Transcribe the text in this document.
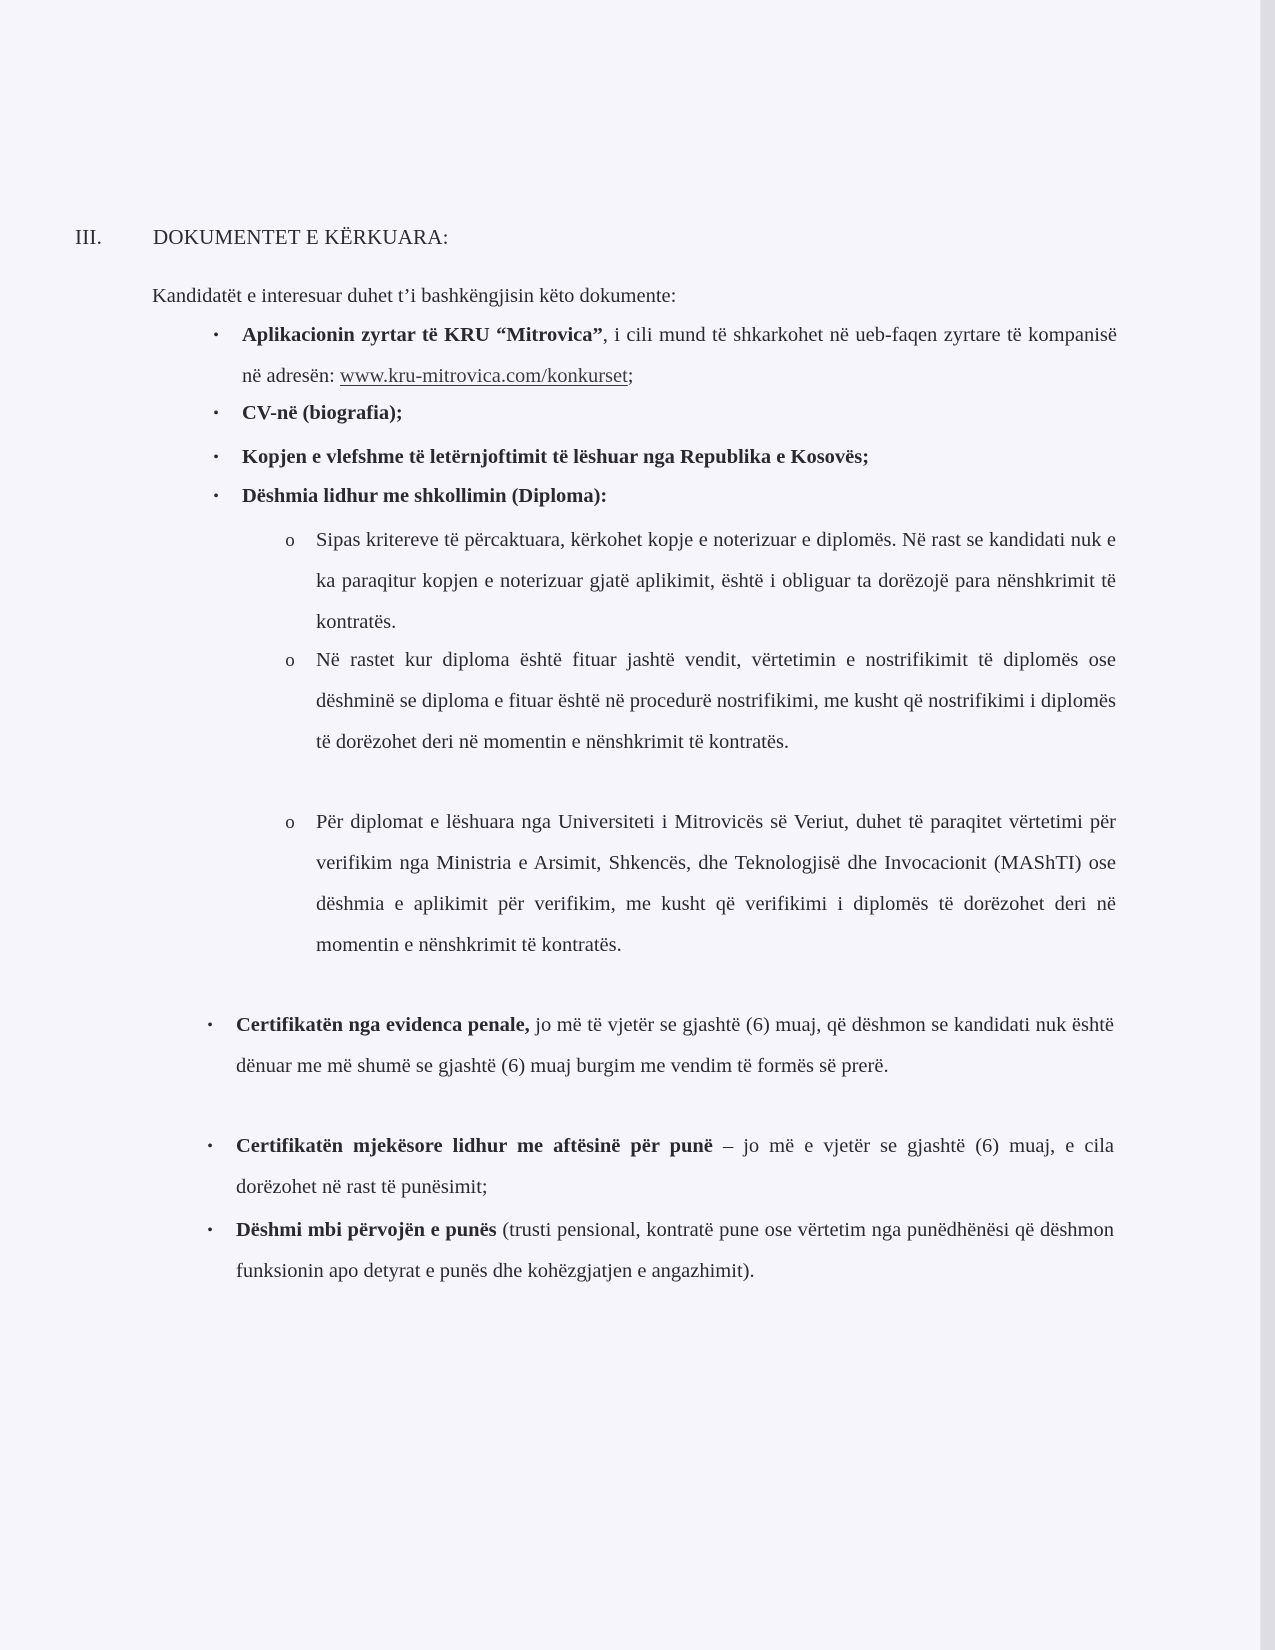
III. DOKUMENTET E KËRKUARA:
Kandidatët e interesuar duhet t’i bashkëngjisin këto dokumente:
•	Aplikacionin zyrtar të KRU “Mitrovica”, i cili mund të shkarkohet në ueb-faqen zyrtare të kompanisë në adresën: www.kru-mitrovica.com/konkurset;
•	CV-në (biografia);
•	Kopjen e vlefshme të letërnjoftimit të lëshuar nga Republika e Kosovës;
•	Dëshmia lidhur me shkollimin (Diploma):
o Sipas kritereve të përcaktuara, kërkohet kopje e noterizuar e diplomës. Në rast se kandidati nuk e ka paraqitur kopjen e noterizuar gjatë aplikimit, është i obliguar ta dorëzojë para nënshkrimit të kontratës.
o Në rastet kur diploma është fituar jashtë vendit, vërtetimin e nostrifikimit të diplomës ose dëshminë se diploma e fituar është në procedurë nostrifikimi, me kusht që nostrifikimi i diplomës të dorëzohet deri në momentin e nënshkrimit të kontratës.
o Për diplomat e lëshuara nga Universiteti i Mitrovicës së Veriut, duhet të paraqitet vërtetimi për verifikim nga Ministria e Arsimit, Shkencës, dhe Teknologjisë dhe Invocacionit (MAShTI) ose dëshmia e aplikimit për verifikim, me kusht që verifikimi i diplomës të dorëzohet deri në momentin e nënshkrimit të kontratës.
•	Certifikatën nga evidenca penale, jo më të vjetër se gjashtë (6) muaj, që dëshmon se kandidati nuk është dënuar me më shumë se gjashtë (6) muaj burgim me vendim të formës së prerë.
•	Certifikatën mjekësore lidhur me aftësinë për punë – jo më e vjetër se gjashtë (6) muaj, e cila dorëzohet në rast të punësimit;
•	Dëshmi mbi përvojën e punës (trusti pensional, kontratë pune ose vërtetim nga punëdhënësi që dëshmon funksionin apo detyrat e punës dhe kohëzgjatjen e angazhimit).
